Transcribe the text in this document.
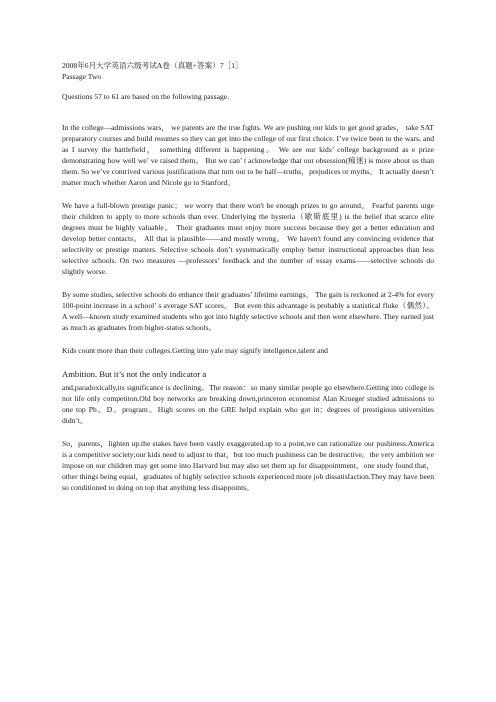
2008年6月大学英语六级考试A卷（真题+答案）7［1］

Passage Two

Questions 57 to 61 are based on the following passage.

In the college—admissions wars， we parents are the true fights. We are pushing our kids to get good grades， take SAT preparatory courses and build resumes so they can get into the college of our first choice. I’ve twice been to the wars, and as I survey the battlefield， something different is happening。 We see our kids’ college background as e prize demonstrating how well we’ ve raised them。 But we can’ t acknowledge that our obsession(痴迷) is more about us than them. So we’ve contrived various justifications that turn out to be half—truths，prejudices or myths。 It actually doesn’t matter much whether Aaron and Nicole go to Stanford。

We have a full-blown prestige panic； we worry that there won't be enough prizes to go around。 Fearful parents urge their children to apply to more schools than ever. Underlying the hysteria（歇斯底里) is the belief that scarce elite degrees must be highly valuable。 Their graduates must enjoy more success because they get a better education and develop better contacts。 All that is plausible——and mostly wrong。 We haven't found any convincing evidence that selectivity or prestige matters. Selective schools don’t systematically employ better instructional approaches than less selective schools. On two measures —professors’ feedback and the number of essay exams——selective schools do slightly worse.

By some studies, selective schools do enhance their graduates’ lifetime earnings。 The gain is reckoned at 2-4% for every 100-point increase in a school’ s average SAT scores。 But even this advantage is probably a statistical fluke（偶然）。 A well—known study examined students who got into highly selective schools and then went elsewhere. They earned just as much as graduates from higher-status schools。

Kids count more than their colleges.Getting into yale may signify intellgence,talent and

Ambition. But it’s not the only indicator a

and,paradoxically,its significance is declining。The reason：so many similar people go elsewhere.Getting into college is not life only competiton.Old boy networks are breaking down,princeton economist Alan Krueger studied admissions to one top Ph。D。program。High scores on the GRE helpd explain who got in；degrees of prestigious universities didn’t。

So，parents，lighten up.the stakes have been vastly exaggerated.up to a point,we can rationalize our pushiness.America is a competitive society;our kids need to adjust to that，but too much pushiness can be destructive。the very ambition we impose on our children may get some into Harvard but may also set them up for disappointment。one study found that，other things being equal，graduates of highly selective schools experienced more job dissatisfaction.They may have been so conditioned to doing on top that anything less disappoints。
